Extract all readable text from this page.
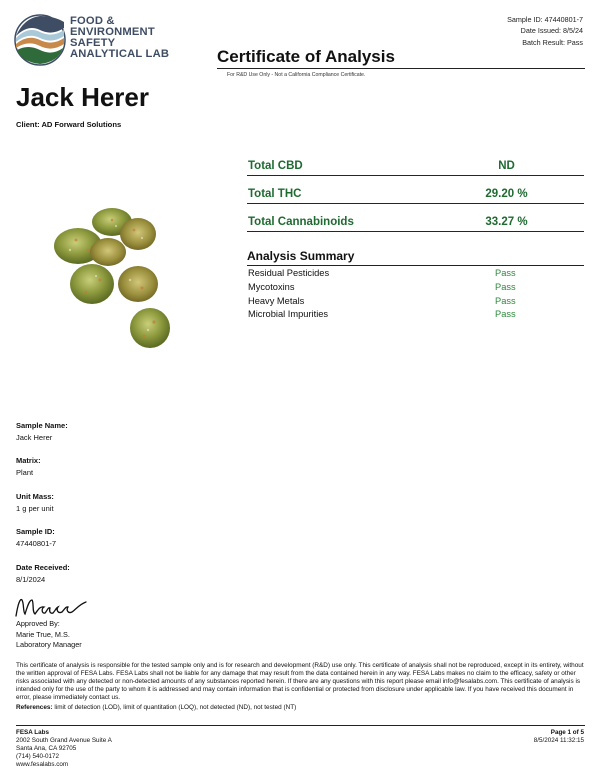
FOOD &
ENVIRONMENT
SAFETY
ANALYTICAL LAB
Sample ID: 47440801-7
Date Issued: 8/5/24
Batch Result: Pass
Certificate of Analysis
For R&D Use Only - Not a California Compliance Certificate.
Jack Herer
Client: AD Forward Solutions
Total CBD	ND
Total THC	29.20 %
Total Cannabinoids	33.27 %
Analysis Summary
Residual Pesticides	Pass
Mycotoxins	Pass
Heavy Metals	Pass
Microbial Impurities	Pass
Sample Name:
Jack Herer
Matrix:
Plant
Unit Mass:
1 g per unit
Sample ID:
47440801-7
Date Received:
8/1/2024
Approved By:
Marie True, M.S.
Laboratory Manager
This certificate of analysis is responsible for the tested sample only and is for research and development (R&D) use only. This certificate of analysis shall not be reproduced, except in its entirety, without the written approval of FESA Labs. FESA Labs shall not be liable for any damage that may result from the data contained herein in any way. FESA Labs makes no claim to the efficacy, safety or other risks associated with any detected or non-detected amounts of any substances reported herein. If there are any questions with this report please email info@fesalabs.com. This certificate of analysis is intended only for the use of the party to whom it is addressed and may contain information that is confidential or protected from disclosure under applicable law. If you have received this document in error, please immediately contact us.
References: limit of detection (LOD), limit of quantitation (LOQ), not detected (ND), not tested (NT)
FESA Labs
2002 South Grand Avenue Suite A
Santa Ana, CA 92705
(714) 540-0172
www.fesalabs.com
Page 1 of 5
8/5/2024 11:32:15
